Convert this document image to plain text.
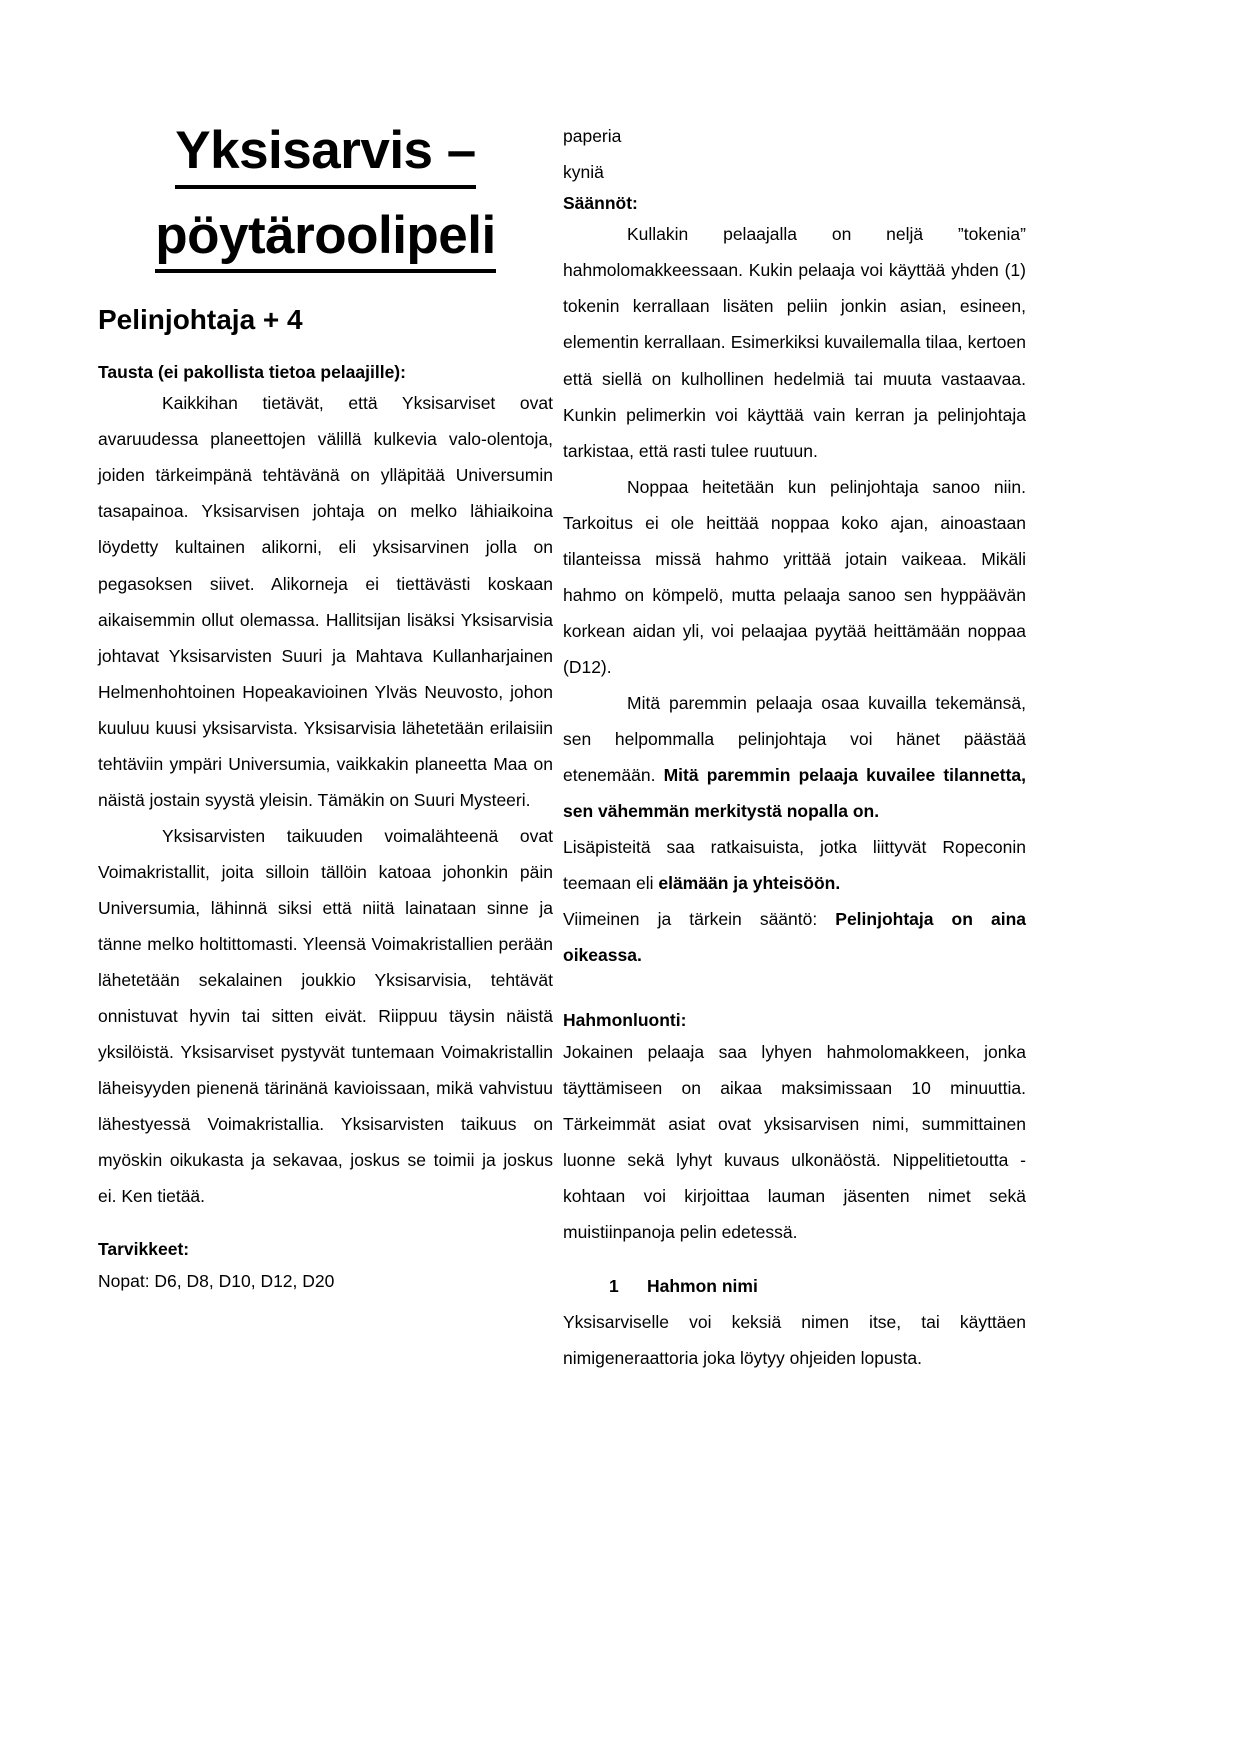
Yksisarvis –
pöytäroolipeli
Pelinjohtaja + 4
Tausta (ei pakollista tietoa pelaajille):

Kaikkihan tietävät, että Yksisarviset ovat avaruudessa planeettojen välillä kulkevia valo-olentoja, joiden tärkeimpänä tehtävänä on ylläpitää Universumin tasapainoa. Yksisarvisen johtaja on melko lähiaikoina löydetty kultainen alikorni, eli yksisarvinen jolla on pegasoksen siivet. Alikorneja ei tiettävästi koskaan aikaisemmin ollut olemassa. Hallitsijan lisäksi Yksisarvisia johtavat Yksisarvisten Suuri ja Mahtava Kullanharjainen Helmenhohtoinen Hopeakavioinen Ylväs Neuvosto, johon kuuluu kuusi yksisarvista. Yksisarvisia lähetetään erilaisiin tehtäviin ympäri Universumia, vaikkakin planeetta Maa on näistä jostain syystä yleisin. Tämäkin on Suuri Mysteeri.

Yksisarvisten taikuuden voimalähteenä ovat Voimakristallit, joita silloin tällöin katoaa johonkin päin Universumia, lähinnä siksi että niitä lainataan sinne ja tänne melko holtittomasti. Yleensä Voimakristallien perään lähetetään sekalainen joukkio Yksisarvisia, tehtävät onnistuvat hyvin tai sitten eivät. Riippuu täysin näistä yksilöistä. Yksisarviset pystyvät tuntemaan Voimakristallin läheisyyden pienenä tärinänä kavioissaan, mikä vahvistuu lähestyessä Voimakristallia. Yksisarvisten taikuus on myöskin oikukasta ja sekavaa, joskus se toimii ja joskus ei. Ken tietää.

Tarvikkeet:

Nopat: D6, D8, D10, D12, D20

paperia

kyniä

Säännöt:

Kullakin pelaajalla on neljä ”tokenia” hahmolomakkeessaan. Kukin pelaaja voi käyttää yhden (1) tokenin kerrallaan lisäten peliin jonkin asian, esineen, elementin kerrallaan. Esimerkiksi kuvailemalla tilaa, kertoen että siellä on kulhollinen hedelmiä tai muuta vastaavaa. Kunkin pelimerkin voi käyttää vain kerran ja pelinjohtaja tarkistaa, että rasti tulee ruutuun.

Noppaa heitetään kun pelinjohtaja sanoo niin. Tarkoitus ei ole heittää noppaa koko ajan, ainoastaan tilanteissa missä hahmo yrittää jotain vaikeaa. Mikäli hahmo on kömpelö, mutta pelaaja sanoo sen hyppäävän korkean aidan yli, voi pelaajaa pyytää heittämään noppaa (D12).

Mitä paremmin pelaaja osaa kuvailla tekemänsä, sen helpommalla pelinjohtaja voi hänet päästää etenemään. Mitä paremmin pelaaja kuvailee tilannetta, sen vähemmän merkitystä nopalla on.

Lisäpisteitä saa ratkaisuista, jotka liittyvät Ropeconin teemaan eli elämään ja yhteisöön.

Viimeinen ja tärkein sääntö: Pelinjohtaja on aina oikeassa.

Hahmonluonti:

Jokainen pelaaja saa lyhyen hahmolomakkeen, jonka täyttämiseen on aikaa maksimissaan 10 minuuttia. Tärkeimmät asiat ovat yksisarvisen nimi, summittainen luonne sekä lyhyt kuvaus ulkonäöstä. Nippelitietoutta -kohtaan voi kirjoittaa lauman jäsenten nimet sekä muistiinpanoja pelin edetessä.

1	Hahmon nimi

Yksisarviselle voi keksiä nimen itse, tai käyttäen nimigeneraattoria joka löytyy ohjeiden lopusta.
